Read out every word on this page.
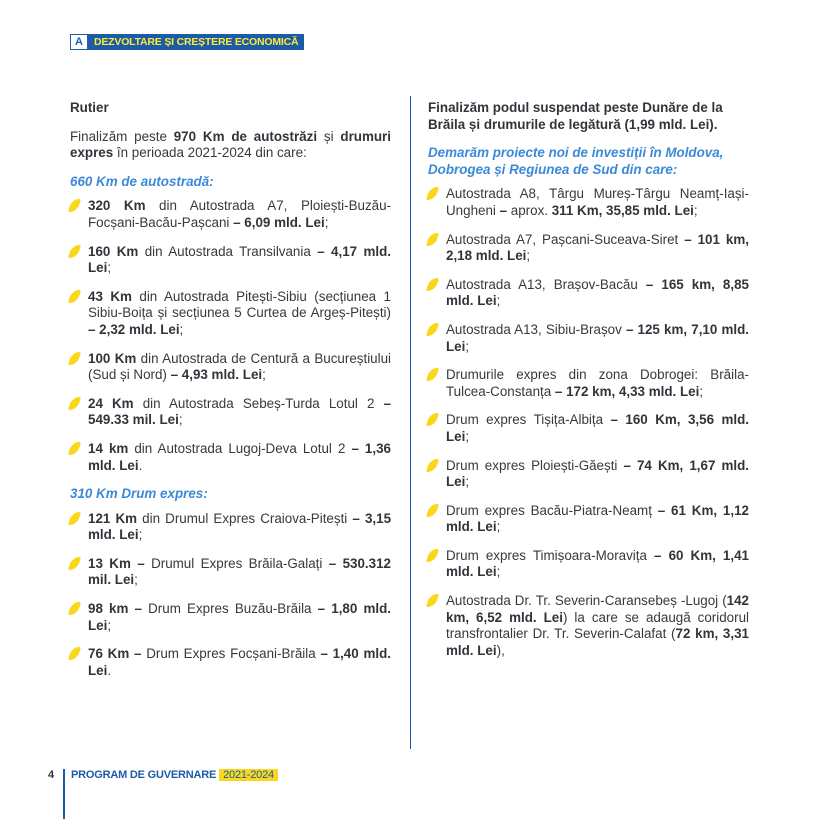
A	DEZVOLTARE ȘI CREȘTERE ECONOMICĂ
Rutier
Finalizăm peste 970 Km de autostrăzi și drumuri expres în perioada 2021-2024 din care:
660 Km de autostradă:
320 Km din Autostrada A7, Ploiești-Buzău-Focșani-Bacău-Pașcani – 6,09 mld. Lei;
160 Km din Autostrada Transilvania – 4,17 mld. Lei;
43 Km din Autostrada Pitești-Sibiu (secțiunea 1 Sibiu-Boița și secțiunea 5 Curtea de Argeș-Pitești) – 2,32 mld. Lei;
100 Km din Autostrada de Centură a Bucureștiului (Sud și Nord) – 4,93 mld. Lei;
24 Km din Autostrada Sebeș-Turda Lotul 2 – 549.33 mil. Lei;
14 km din Autostrada Lugoj-Deva Lotul 2 – 1,36 mld. Lei.
310 Km Drum expres:
121 Km din Drumul Expres Craiova-Pitești – 3,15 mld. Lei;
13 Km – Drumul Expres Brăila-Galați – 530.312 mil. Lei;
98 km – Drum Expres Buzău-Brăila – 1,80 mld. Lei;
76 Km – Drum Expres Focșani-Brăila – 1,40 mld. Lei.
Finalizăm podul suspendat peste Dunăre de la Brăila și drumurile de legătură (1,99 mld. Lei).
Demarăm proiecte noi de investiții în Moldova, Dobrogea și Regiunea de Sud din care:
Autostrada A8, Târgu Mureș-Târgu Neamț-Iași-Ungheni – aprox. 311 Km, 35,85 mld. Lei;
Autostrada A7, Pașcani-Suceava-Siret – 101 km, 2,18 mld. Lei;
Autostrada A13, Brașov-Bacău – 165 km, 8,85 mld. Lei;
Autostrada A13, Sibiu-Brașov – 125 km, 7,10 mld. Lei;
Drumurile expres din zona Dobrogei: Brăila-Tulcea-Constanța – 172 km, 4,33 mld. Lei;
Drum expres Tișița-Albița – 160 Km, 3,56 mld. Lei;
Drum expres Ploiești-Găești – 74 Km, 1,67 mld. Lei;
Drum expres Bacău-Piatra-Neamț – 61 Km, 1,12 mld. Lei;
Drum expres Timișoara-Moravița – 60 Km, 1,41 mld. Lei;
Autostrada Dr. Tr. Severin-Caransebeș -Lugoj (142 km, 6,52 mld. Lei) la care se adaugă coridorul transfrontalier Dr. Tr. Severin-Calafat (72 km, 3,31 mld. Lei),
4 PROGRAM DE GUVERNARE 2021-2024
